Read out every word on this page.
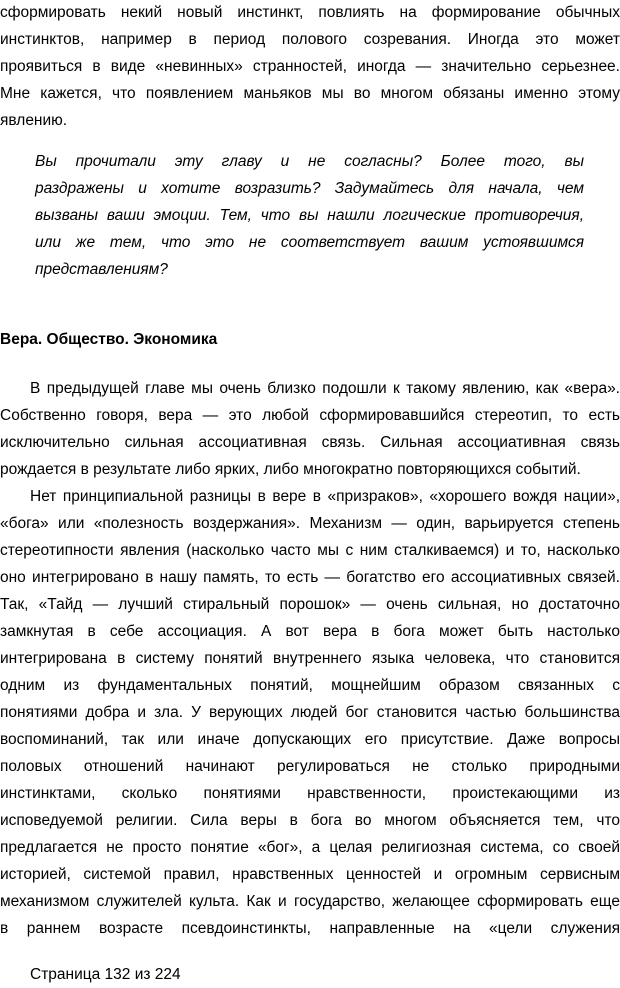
сформировать некий новый инстинкт, повлиять на формирование обычных
инстинктов, например в период полового созревания. Иногда это может
проявиться в виде «невинных» странностей, иногда — значительно серьезнее.
Мне кажется, что появлением маньяков мы во многом обязаны именно этому
явлению.
Вы прочитали эту главу и не согласны? Более того, вы
раздражены и хотите возразить? Задумайтесь для начала, чем
вызваны ваши эмоции. Тем, что вы нашли логические противоречия,
или же тем, что это не соответствует вашим устоявшимся
представлениям?
Вера. Общество. Экономика
В предыдущей главе мы очень близко подошли к такому явлению, как «вера».
Собственно говоря, вера — это любой сформировавшийся стереотип, то есть
исключительно сильная ассоциативная связь. Сильная ассоциативная связь
рождается в результате либо ярких, либо многократно повторяющихся событий.
Нет принципиальной разницы в вере в «призраков», «хорошего вождя нации»,
«бога» или «полезность воздержания». Механизм — один, варьируется степень
стереотипности явления (насколько часто мы с ним сталкиваемся) и то, насколько
оно интегрировано в нашу память, то есть — богатство его ассоциативных связей.
Так, «Тайд — лучший стиральный порошок» — очень сильная, но достаточно
замкнутая в себе ассоциация. А вот вера в бога может быть настолько
интегрирована в систему понятий внутреннего языка человека, что становится
одним из фундаментальных понятий, мощнейшим образом связанных с
понятиями добра и зла. У верующих людей бог становится частью большинства
воспоминаний, так или иначе допускающих его присутствие. Даже вопросы
половых отношений начинают регулироваться не столько природными
инстинктами, сколько понятиями нравственности, проистекающими из
исповедуемой религии. Сила веры в бога во многом объясняется тем, что
предлагается не просто понятие «бог», а целая религиозная система, со своей
историей, системой правил, нравственных ценностей и огромным сервисным
механизмом служителей культа. Как и государство, желающее сформировать еще
в раннем возрасте псевдоинстинкты, направленные на «цели служения
Страница 132 из 224
